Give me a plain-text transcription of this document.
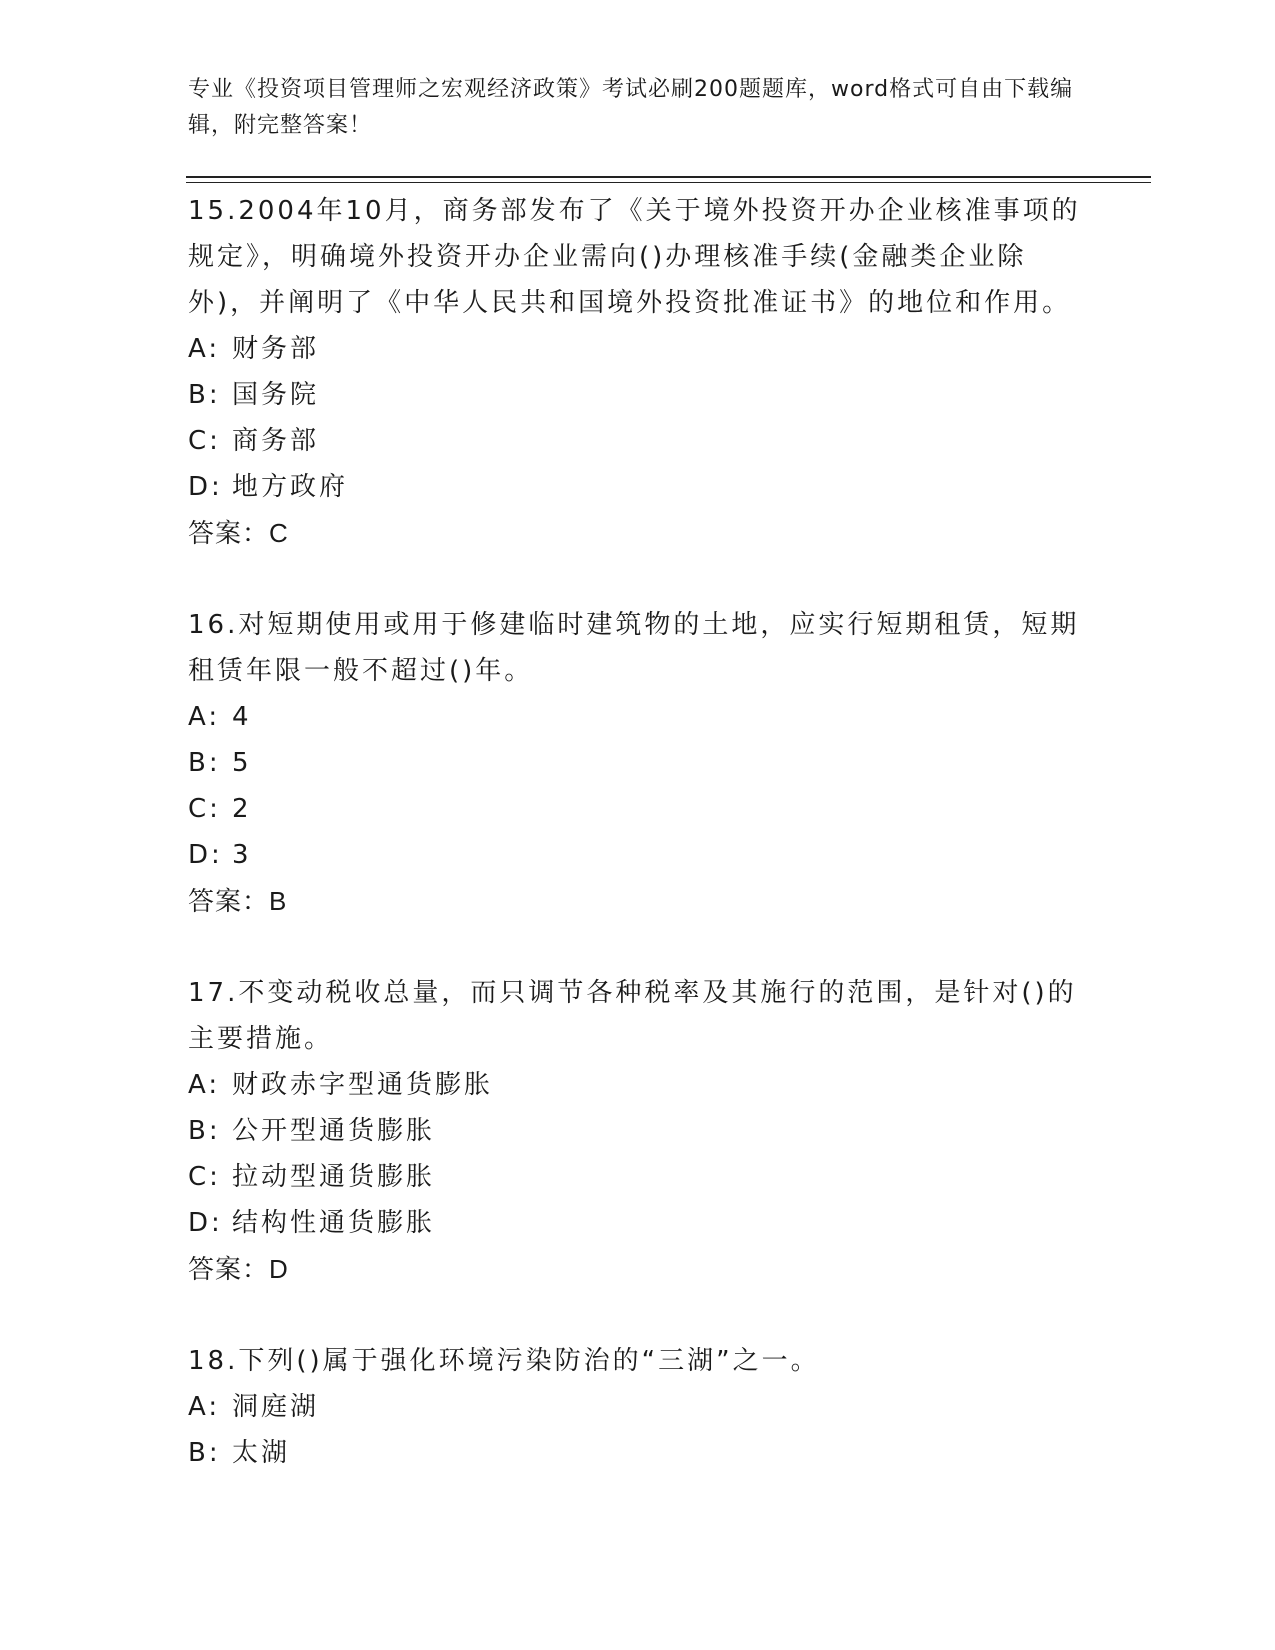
专业《投资项目管理师之宏观经济政策》考试必刷200题题库，word格式可自由下载编辑，附完整答案！

15.2004年10月，商务部发布了《关于境外投资开办企业核准事项的规定》，明确境外投资开办企业需向()办理核准手续(金融类企业除外)，并阐明了《中华人民共和国境外投资批准证书》的地位和作用。

A: 财务部

B: 国务院

C: 商务部

D: 地方政府

答案：C

16.对短期使用或用于修建临时建筑物的土地，应实行短期租赁，短期租赁年限一般不超过()年。

A: 4

B: 5

C: 2

D: 3

答案：B

17.不变动税收总量，而只调节各种税率及其施行的范围，是针对()的主要措施。

A: 财政赤字型通货膨胀

B: 公开型通货膨胀

C: 拉动型通货膨胀

D: 结构性通货膨胀

答案：D

18.下列()属于强化环境污染防治的“三湖”之一。

A: 洞庭湖

B: 太湖
